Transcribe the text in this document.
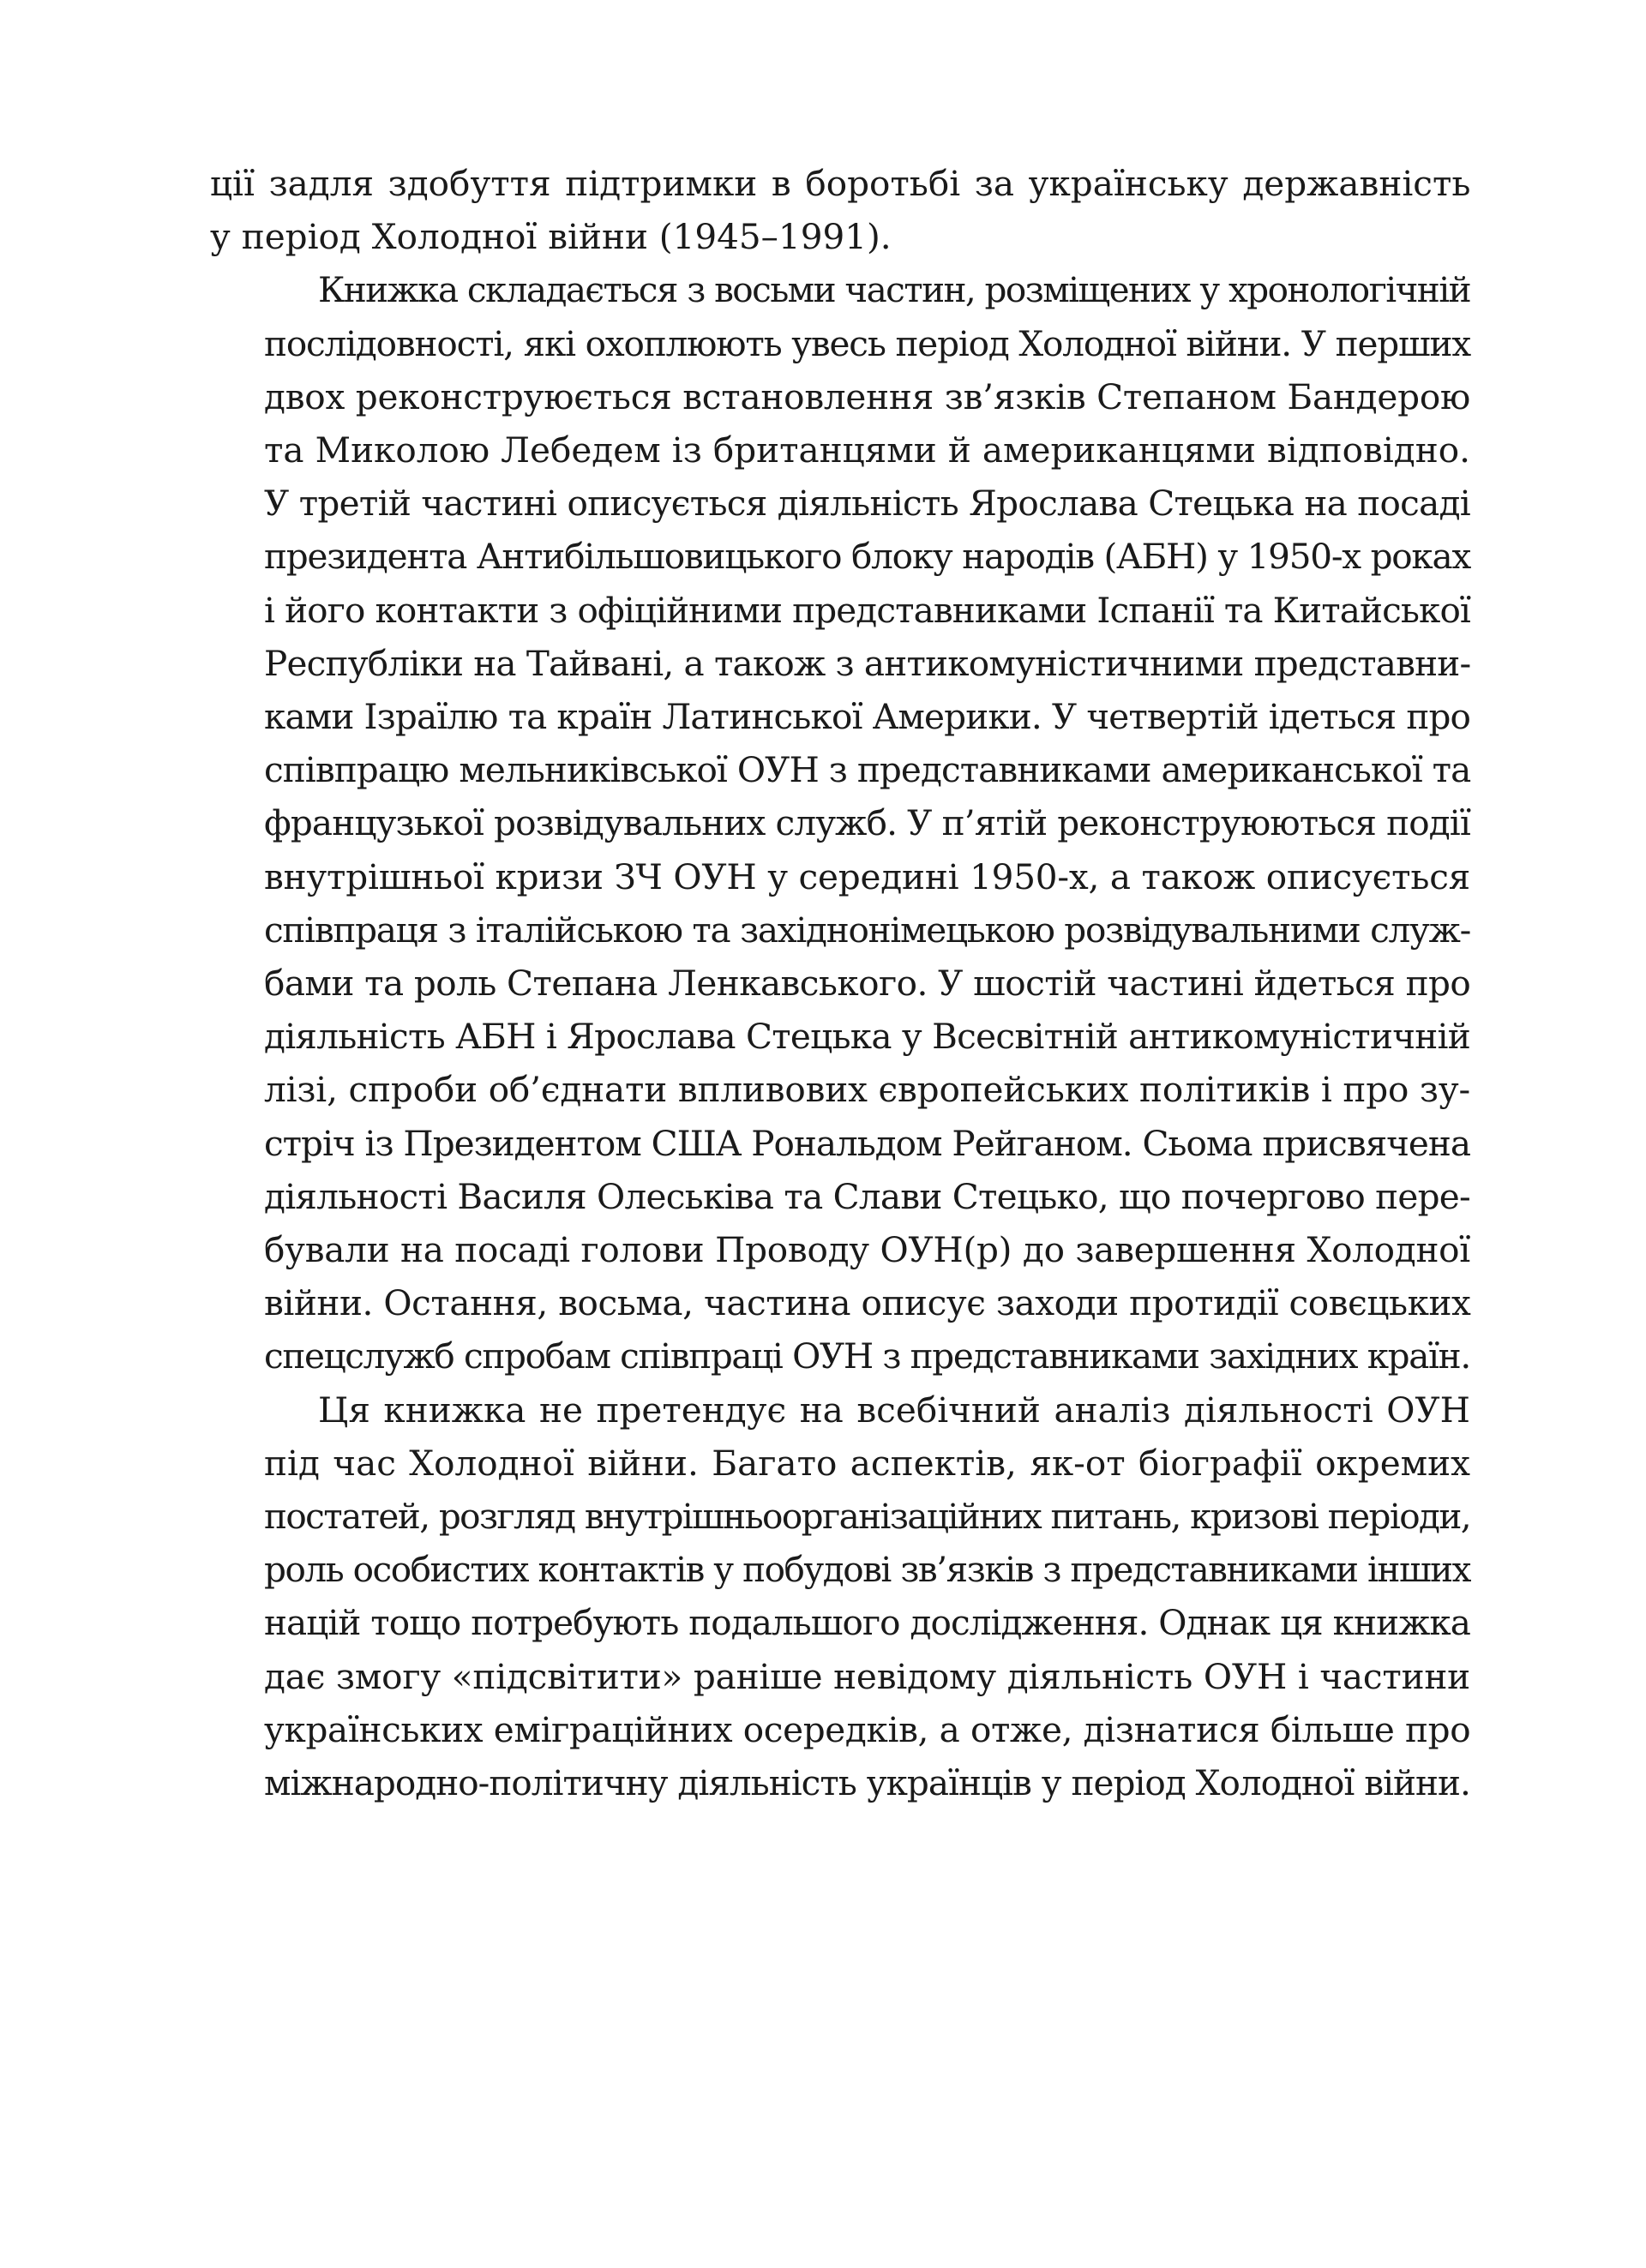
ції задля здобуття підтримки в боротьбі за українську державність
у період Холодної війни (1945–1991).
Книжка складається з восьми частин, розміщених у хронологічній
послідовності, які охоплюють увесь період Холодної війни. У перших
двох реконструюється встановлення зв’язків Степаном Бандерою
та Миколою Лебедем із британцями й американцями відповідно.
У третій частині описується діяльність Ярослава Стецька на посаді
президента Антибільшовицького блоку народів (АБН) у 1950-х роках
і його контакти з офіційними представниками Іспанії та Китайської
Республіки на Тайвані, а також з антикомуністичними представни-
ками Ізраїлю та країн Латинської Америки. У четвертій ідеться про
співпрацю мельниківської ОУН з представниками американської та
французької розвідувальних служб. У п’ятій реконструюються події
внутрішньої кризи ЗЧ ОУН у середині 1950-х, а також описується
співпраця з італійською та західнонімецькою розвідувальними служ-
бами та роль Степана Ленкавського. У шостій частині йдеться про
діяльність АБН і Ярослава Стецька у Всесвітній антикомуністичній
лізі, спроби об’єднати впливових європейських політиків і про зу-
стріч із Президентом США Рональдом Рейганом. Сьома присвячена
діяльності Василя Олеськіва та Слави Стецько, що почергово пере-
бували на посаді голови Проводу ОУН(р) до завершення Холодної
війни. Остання, восьма, частина описує заходи протидії совєцьких
спецслужб спробам співпраці ОУН з представниками західних країн.
Ця книжка не претендує на всебічний аналіз діяльності ОУН
під час Холодної війни. Багато аспектів, як-от біографії окремих
постатей, розгляд внутрішньоорганізаційних питань, кризові періоди,
роль особистих контактів у побудові зв’язків з представниками інших
націй тощо потребують подальшого дослідження. Однак ця книжка
дає змогу «підсвітити» раніше невідому діяльність ОУН і частини
українських еміграційних осередків, а отже, дізнатися більше про
міжнародно-політичну діяльність українців у період Холодної війни.
